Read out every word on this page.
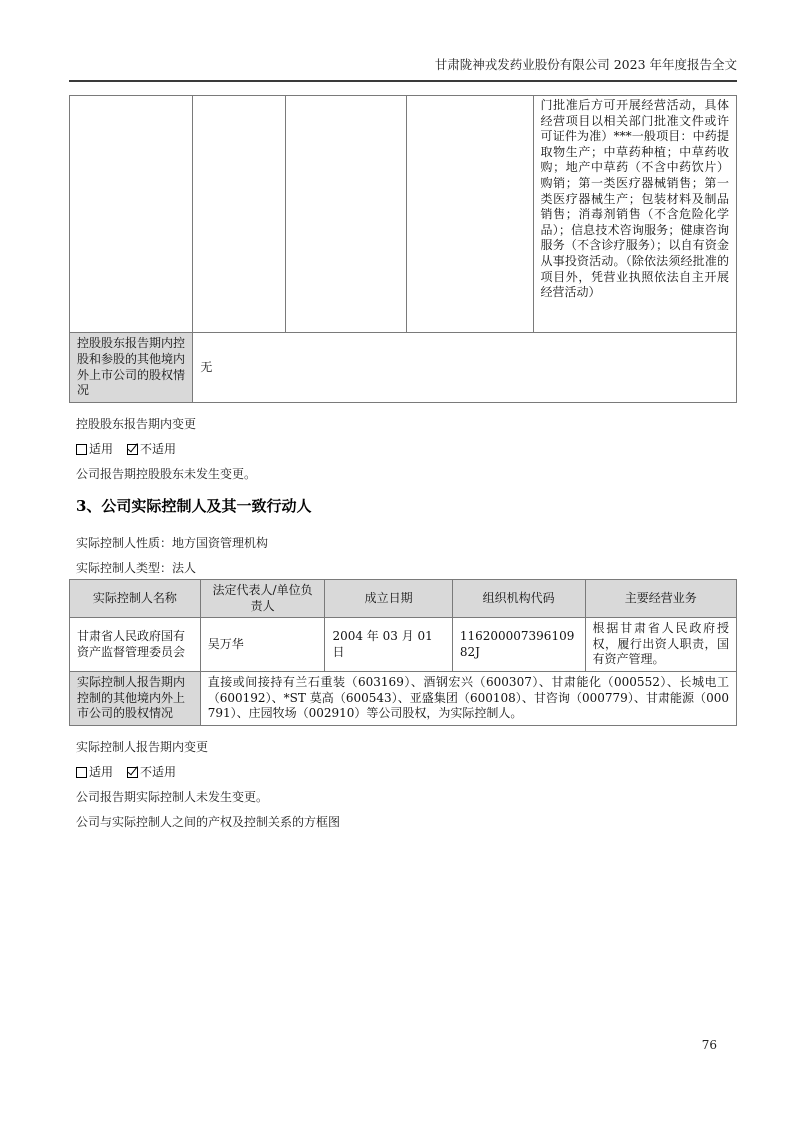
甘肃陇神戎发药业股份有限公司 2023 年年度报告全文
				门批准后方可开展经营活动，具体经营项目以相关部门批准文件或许可证件为准）***一般项目：中药提取物生产；中草药种植；中草药收购；地产中草药（不含中药饮片）购销；第一类医疗器械销售；第一类医疗器械生产；包装材料及制品销售；消毒剂销售（不含危险化学品）；信息技术咨询服务；健康咨询服务（不含诊疗服务）；以自有资金从事投资活动。（除依法须经批准的项目外，凭营业执照依法自主开展经营活动）
控股股东报告期内控股和参股的其他境内外上市公司的股权情况	无			
控股股东报告期内变更
适用 不适用
公司报告期控股股东未发生变更。
3、公司实际控制人及其一致行动人
实际控制人性质：地方国资管理机构
实际控制人类型：法人
实际控制人名称	法定代表人/单位负责人	成立日期	组织机构代码	主要经营业务
甘肃省人民政府国有资产监督管理委员会	吴万华	2004 年 03 月 01 日	11620000739610982J	根据甘肃省人民政府授权，履行出资人职责，国有资产管理。
实际控制人报告期内控制的其他境内外上市公司的股权情况	直接或间接持有兰石重装（603169）、酒钢宏兴（600307）、甘肃能化（000552）、长城电工（600192）、*ST 莫高（600543）、亚盛集团（600108）、甘咨询（000779）、甘肃能源（000791）、庄园牧场（002910）等公司股权，为实际控制人。			
实际控制人报告期内变更
适用 不适用
公司报告期实际控制人未发生变更。
公司与实际控制人之间的产权及控制关系的方框图
76
